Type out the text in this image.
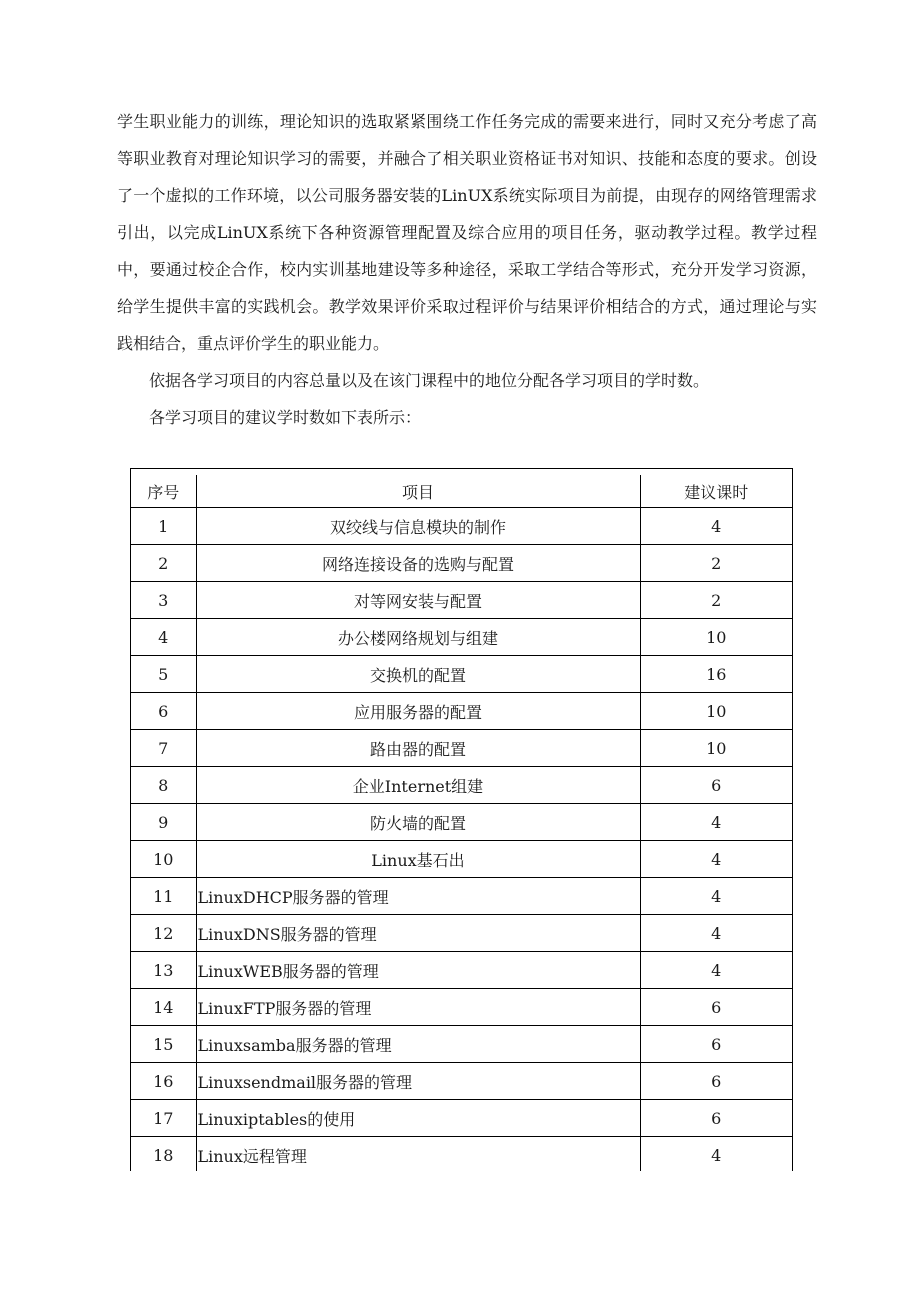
学生职业能力的训练，理论知识的选取紧紧围绕工作任务完成的需要来进行，同时又充分考虑了高等职业教育对理论知识学习的需要，并融合了相关职业资格证书对知识、技能和态度的要求。创设了一个虚拟的工作环境，以公司服务器安装的LinUX系统实际项目为前提，由现存的网络管理需求引出，以完成LinUX系统下各种资源管理配置及综合应用的项目任务，驱动教学过程。教学过程中，要通过校企合作，校内实训基地建设等多种途径，采取工学结合等形式，充分开发学习资源，给学生提供丰富的实践机会。教学效果评价采取过程评价与结果评价相结合的方式，通过理论与实践相结合，重点评价学生的职业能力。

依据各学习项目的内容总量以及在该门课程中的地位分配各学习项目的学时数。

各学习项目的建议学时数如下表所示：

序号	项目	建议课时
1	双绞线与信息模块的制作	4
2	网络连接设备的选购与配置	2
3	对等网安装与配置	2
4	办公楼网络规划与组建	10
5	交换机的配置	16
6	应用服务器的配置	10
7	路由器的配置	10
8	企业Internet组建	6
9	防火墙的配置	4
10	Linux基石出	4
11	LinuxDHCP服务器的管理	4
12	LinuxDNS服务器的管理	4
13	LinuxWEB服务器的管理	4
14	LinuxFTP服务器的管理	6
15	Linuxsamba服务器的管理	6
16	Linuxsendmail服务器的管理	6
17	Linuxiptables的使用	6
18	Linux远程管理	4
